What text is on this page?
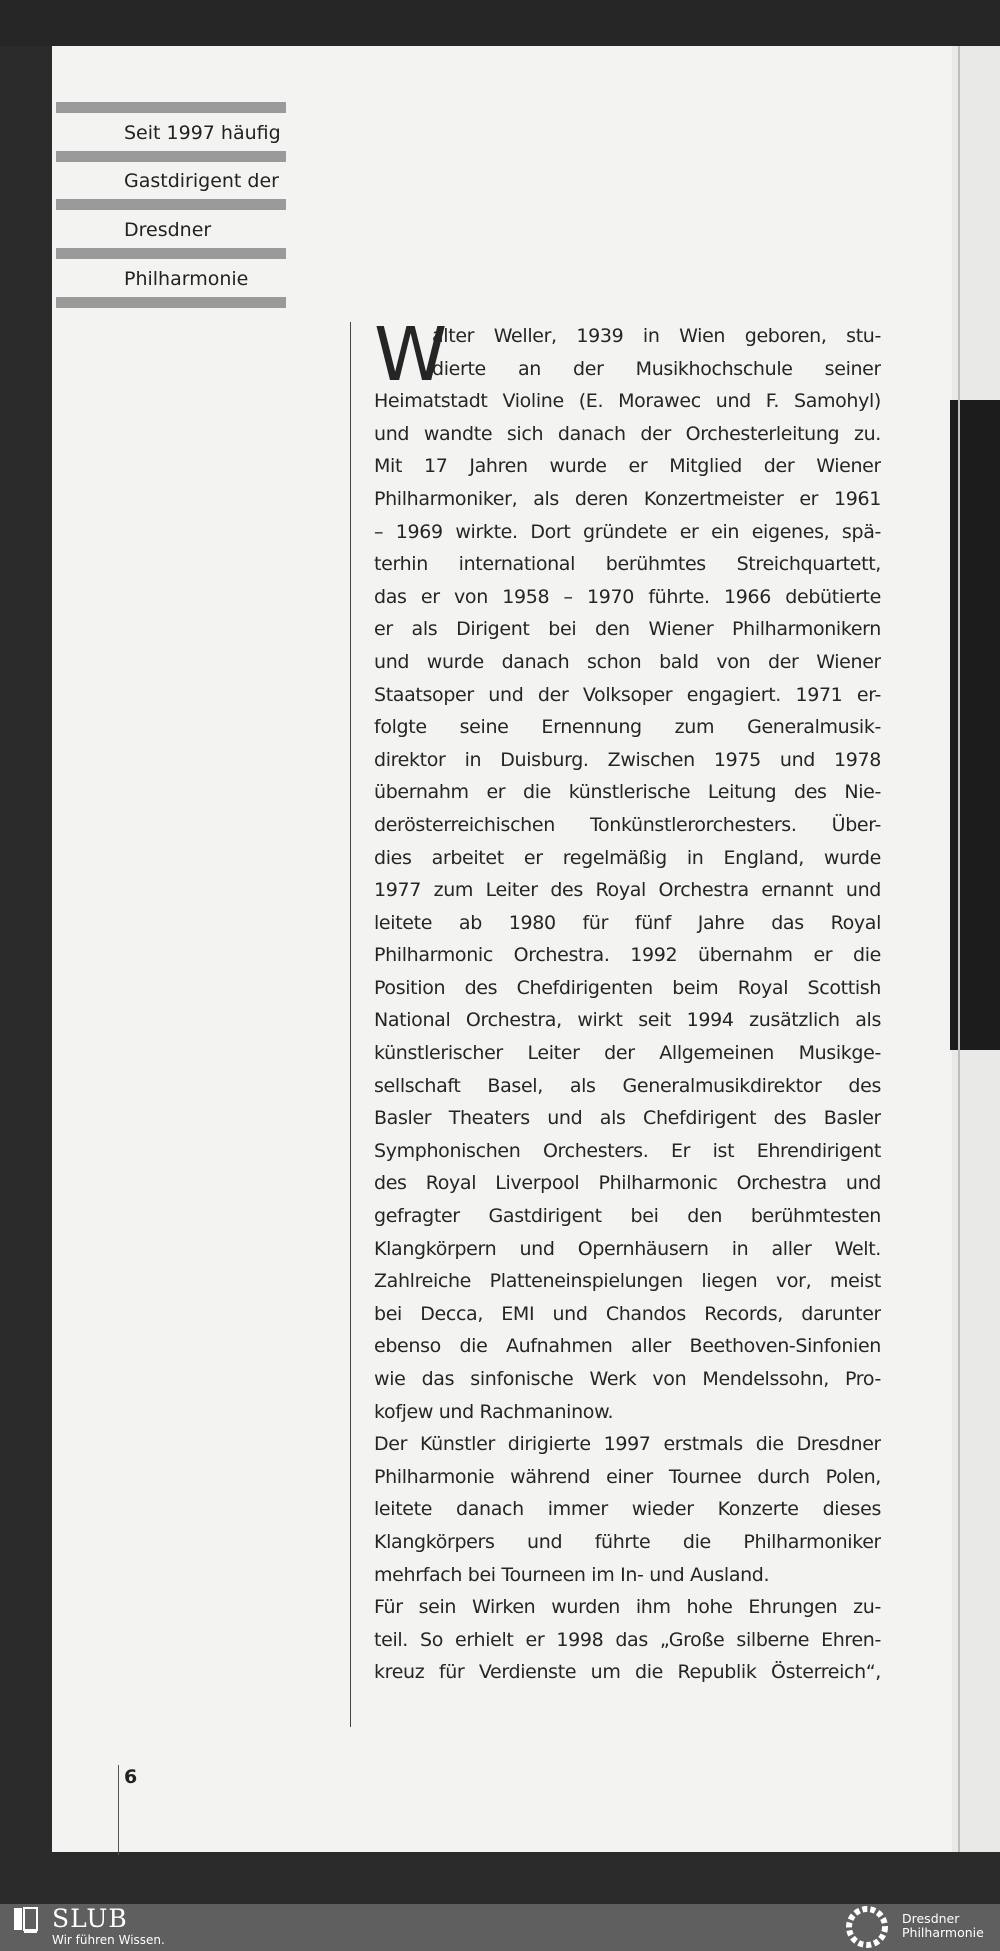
Seit 1997 häufig
Gastdirigent der
Dresdner
Philharmonie
W
alter Weller, 1939 in Wien geboren, stu-
dierte an der Musikhochschule seiner
Heimatstadt Violine (E. Morawec und F. Samohyl)
und wandte sich danach der Orchesterleitung zu.
Mit 17 Jahren wurde er Mitglied der Wiener
Philharmoniker, als deren Konzertmeister er 1961
– 1969 wirkte. Dort gründete er ein eigenes, spä-
terhin international berühmtes Streichquartett,
das er von 1958 – 1970 führte. 1966 debütierte
er als Dirigent bei den Wiener Philharmonikern
und wurde danach schon bald von der Wiener
Staatsoper und der Volksoper engagiert. 1971 er-
folgte seine Ernennung zum Generalmusik-
direktor in Duisburg. Zwischen 1975 und 1978
übernahm er die künstlerische Leitung des Nie-
derösterreichischen Tonkünstlerorchesters. Über-
dies arbeitet er regelmäßig in England, wurde
1977 zum Leiter des Royal Orchestra ernannt und
leitete ab 1980 für fünf Jahre das Royal
Philharmonic Orchestra. 1992 übernahm er die
Position des Chefdirigenten beim Royal Scottish
National Orchestra, wirkt seit 1994 zusätzlich als
künstlerischer Leiter der Allgemeinen Musikge-
sellschaft Basel, als Generalmusikdirektor des
Basler Theaters und als Chefdirigent des Basler
Symphonischen Orchesters. Er ist Ehrendirigent
des Royal Liverpool Philharmonic Orchestra und
gefragter Gastdirigent bei den berühmtesten
Klangkörpern und Opernhäusern in aller Welt.
Zahlreiche Platteneinspielungen liegen vor, meist
bei Decca, EMI und Chandos Records, darunter
ebenso die Aufnahmen aller Beethoven-Sinfonien
wie das sinfonische Werk von Mendelssohn, Pro-
kofjew und Rachmaninow.
Der Künstler dirigierte 1997 erstmals die Dresdner
Philharmonie während einer Tournee durch Polen,
leitete danach immer wieder Konzerte dieses
Klangkörpers und führte die Philharmoniker
mehrfach bei Tourneen im In- und Ausland.
Für sein Wirken wurden ihm hohe Ehrungen zu-
teil. So erhielt er 1998 das „Große silberne Ehren-
kreuz für Verdienste um die Republik Österreich“,
6
SLUB
Wir führen Wissen.
Dresdner
Philharmonie
